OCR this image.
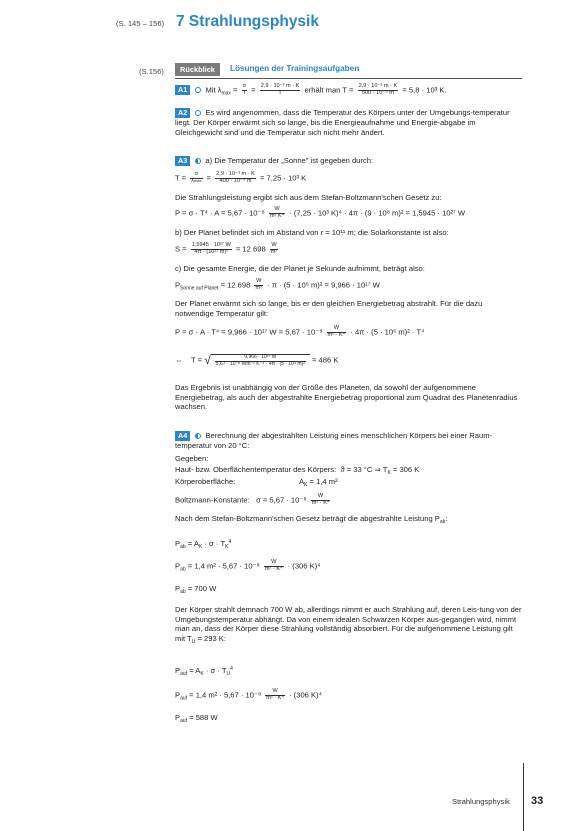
(S. 145 – 156) 7 Strahlungsphysik
(S.156)	Rückblick	Lösungen der Trainingsaufgaben
A1 Mit $\lambda_{max} = \frac{\sigma}{T} = \frac{\text{2,9 · 10⁻³ m · K}}{T}$ erhält man $T = \frac{\text{2,9 · 10⁻³ m · K}}{\text{500 · 10⁻⁹ m}} = 5,8 \cdot 10^3$ K.
A2 Es wird angenommen, dass die Temperatur des Körpers unter der Umgebungs-temperatur liegt. Der Körper erwärmt sich so lange, bis die Energieaufnahme und Energie-abgabe im Gleichgewicht sind und die Temperatur sich nicht mehr ändert.
A3 a) Die Temperatur der „Sonne" ist gegeben durch:
$T = \frac{\sigma}{\lambda\max} = \frac{\text{2,9 · 10⁻³ m · K}}{\text{400 · 10⁻⁹ m}} = 7,25 \cdot 10^3$ K
Die Strahlungsleistung ergibt sich aus dem Stefan-Boltzmann'schen Gesetz zu:
$P = \sigma \cdot T^4 \cdot A = 5,67 \cdot 10^{-8} \frac{W}{\text{m² K⁴}} \cdot (7,25 \cdot 10^3$ K)⁴ · 4π · (9 · 10⁸ m)² = 1,5945 · 10²⁷ W
b) Der Planet befindet sich im Abstand von r = 10¹¹ m; die Solarkonstante ist also:
$S = \frac{\text{1,5945 · 10²⁷ W}}{\text{4π · (10¹¹ m)²}} = 12$ $698 \frac{W}{\text{m²}}$
c) Die gesamte Energie, die der Planet je Sekunde aufnimmt, beträgt also:
$P_{Sonne auf Planet} = 12$ $698 \frac{W}{\text{m²}} \cdot \pi \cdot (5 \cdot 10^6$ m)² = 9,966 · 10¹⁷ W
Der Planet erwärmt sich so lange, bis er den gleichen Energiebetrag abstrahlt. Für die dazu notwendige Temperatur gilt:
P = σ · A · T⁴ = 9,966 · 10¹⁷ $W = 5,67 \cdot 10^{-8} \frac{W}{\text{m² · K⁴}} \cdot 4\pi \cdot (5 \cdot 10^6$ m)² · T⁴
⇔    T = √ $\frac{\text{9,966 · 10¹⁷ W}}{\text{5,67 · 10⁻⁸ Wm⁻² K⁻⁴ · 4π · (5 · 10⁶ m)²}} = 486$ K
Das Ergebnis ist unabhängig von der Größe des Planeten, da sowohl der aufgenommene Energiebetrag, als auch der abgestrahlte Energiebetrag proportional zum Quadrat des Planetenradius wachsen.
A4 Berechnung der abgestrahlten Leistung eines menschlichen Körpers bei einer Raum-temperatur von 20 °C:
Gegeben:
Haut- bzw. Oberflächentemperatur des Körpers: ϑ = 33 °C ⇒ $T_K = 306$ K
Körperoberfläche:	$A_K = 1,4$ m²
Boltzmann-Konstante: $\sigma = 5,67 \cdot 10^{-8} \frac{W}{\text{m² · K⁴}}$
Nach dem Stefan-Boltzmann'schen Gesetz beträgt die abgestrahlte Leistung $P_{ab}$:
$P_{ab} = A_K \cdot \sigma \cdot T_K^4$
$P_{ab} = 1,4$ $m^2 \cdot 5,67 \cdot 10^{-8} \frac{W}{\text{m² · K⁴}} \cdot (306$ K)⁴
$P_{ab} = 700$ W
Der Körper strahlt demnach 700 W ab, allerdings nimmt er auch Strahlung auf, deren Leis-tung von der Umgebungstemperatur abhängt. Da von einem idealen Schwarzen Körper aus-gegangen wird, nimmt man an, dass der Körper diese Strahlung vollständig absorbiert. Für die aufgenommene Leistung gilt mit $T_U = 293$ K:
$P_{auf} = A_K \cdot \sigma \cdot T_U^4$
$P_{auf} = 1,4$ $m^2 \cdot 5,67 \cdot 10^{-8} \frac{W}{\text{m² · K⁴}} \cdot (306$ K)⁴
$P_{auf} = 588$ W
Strahlungsphysik 33
